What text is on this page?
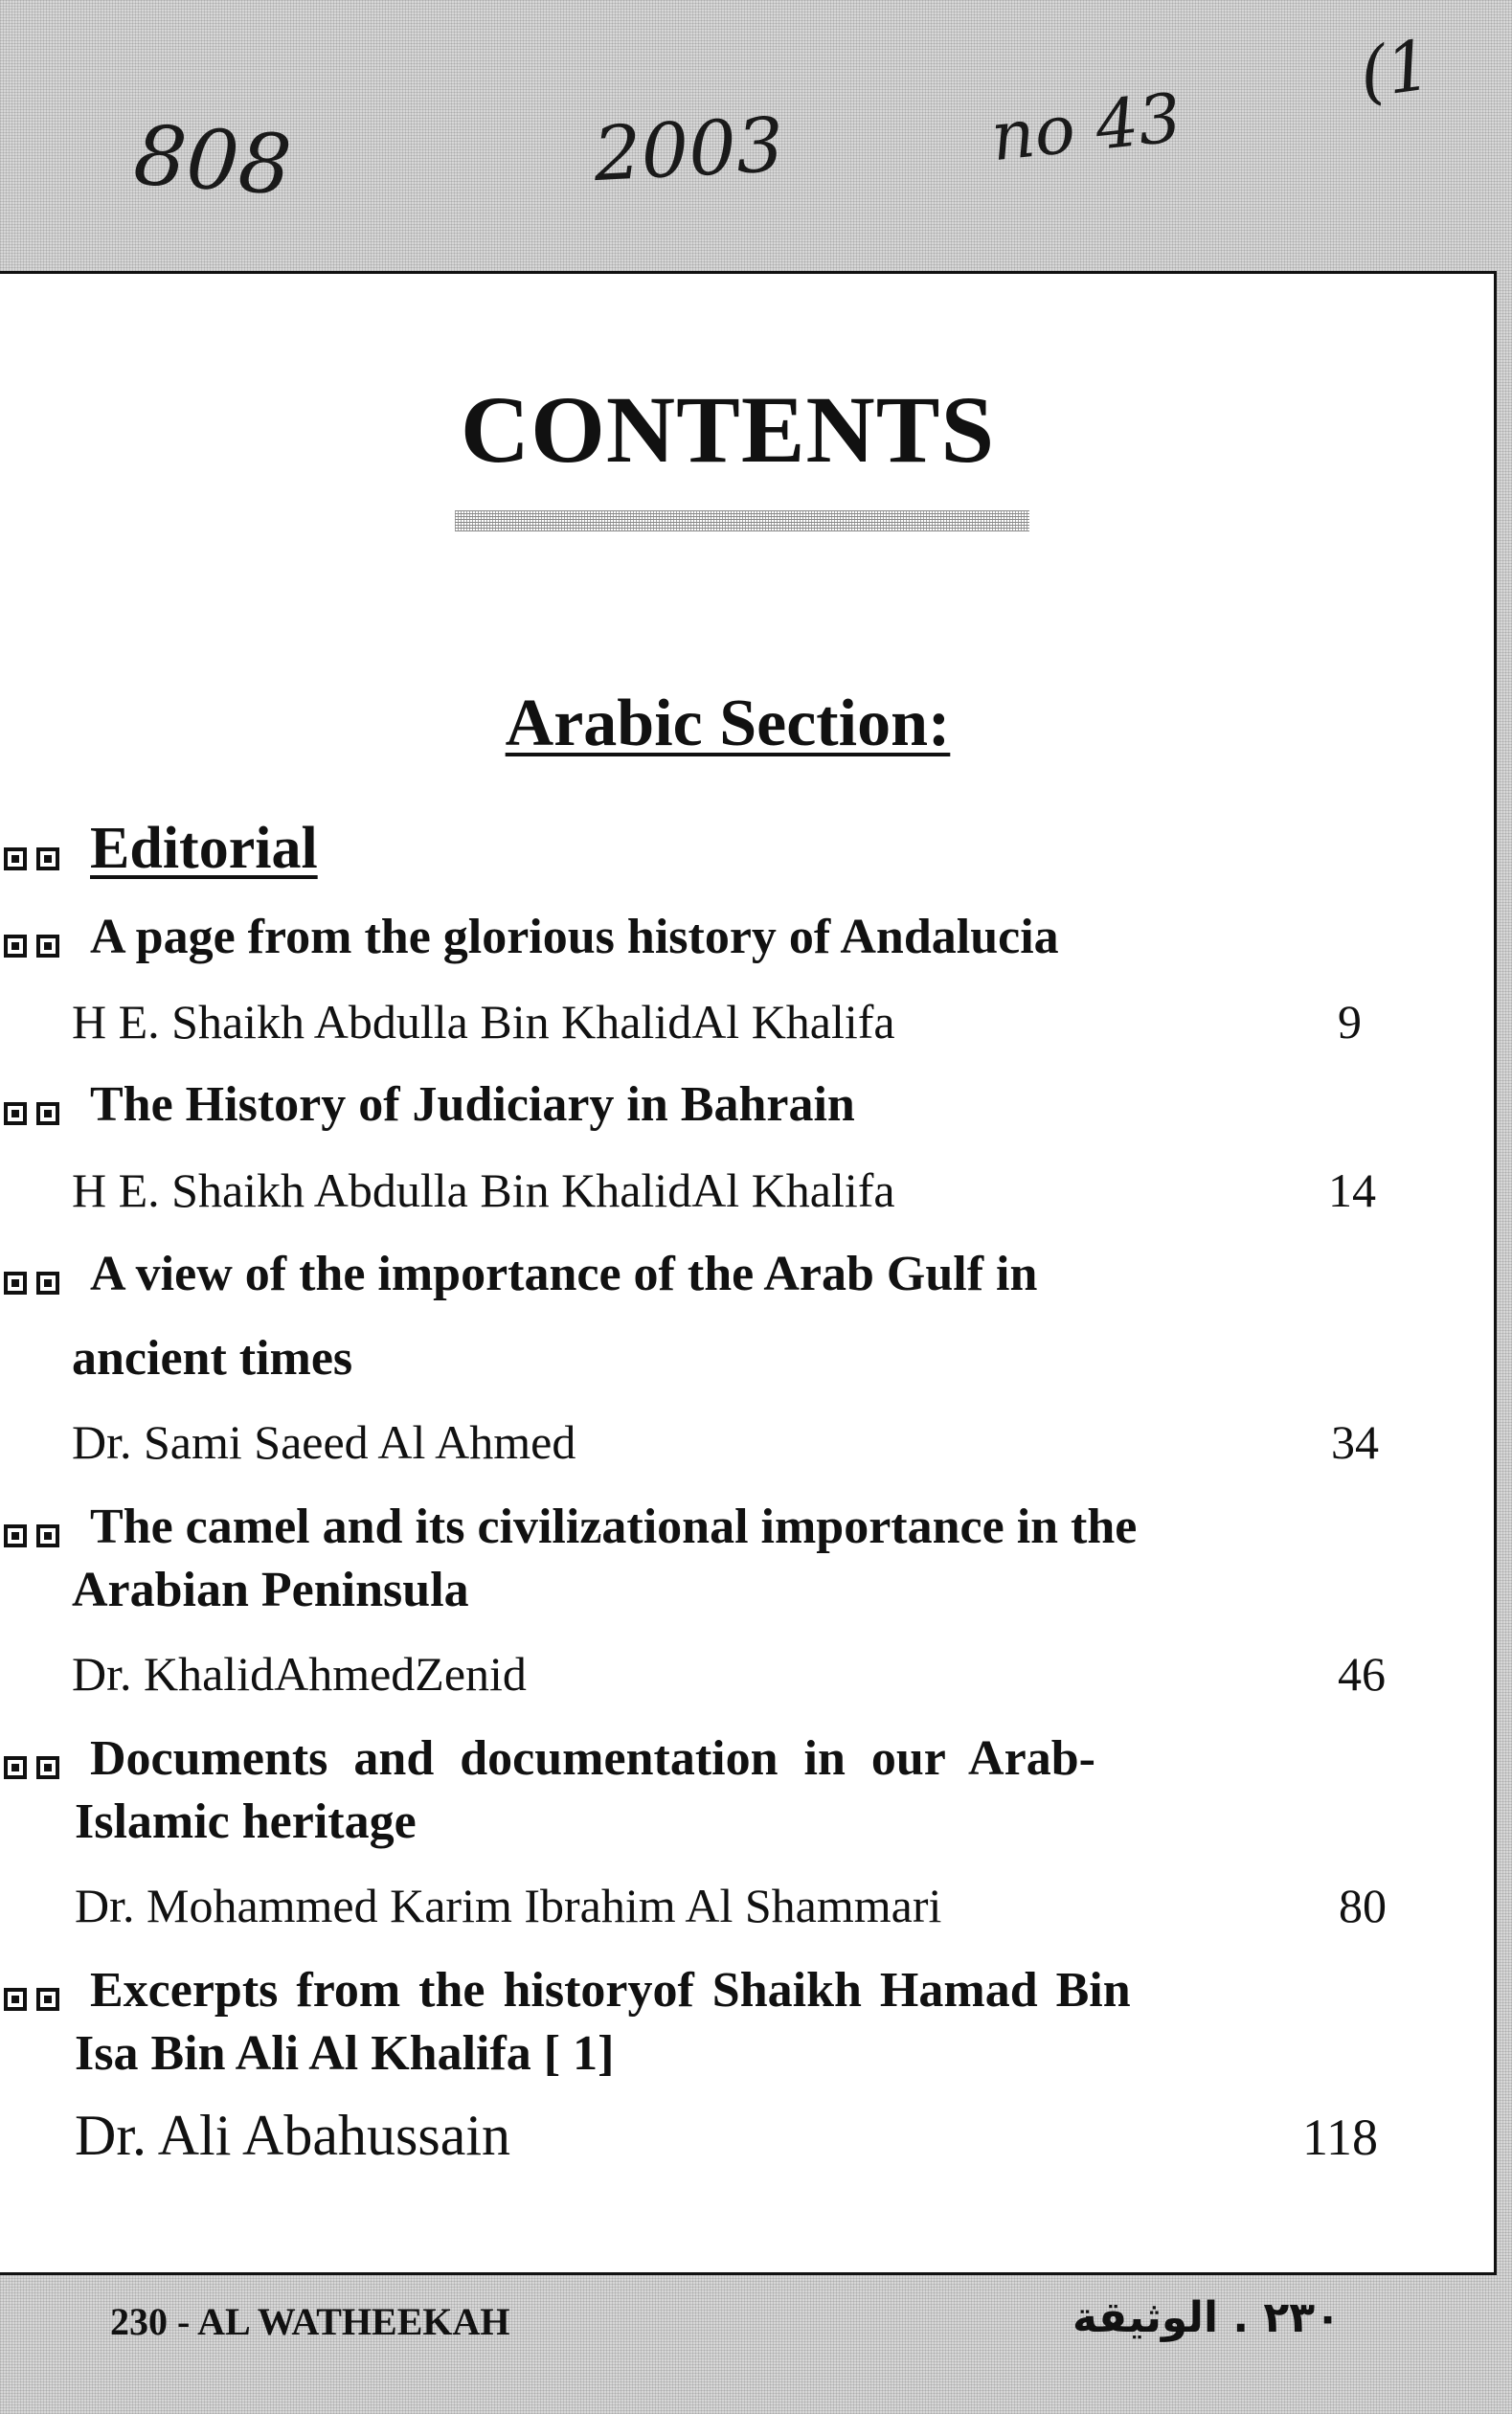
808	2003	no 43
(1
CONTENTS
Arabic Section:
Editorial
A page from the glorious history of Andalucia
H E. Shaikh Abdulla Bin KhalidAl Khalifa	9
The History of Judiciary in Bahrain
H E. Shaikh Abdulla Bin KhalidAl Khalifa	14
A view of the importance of the Arab Gulf in
ancient times
Dr. Sami Saeed Al Ahmed	34
The camel and its civilizational importance in the
Arabian Peninsula
Dr. KhalidAhmedZenid	46
Documents and documentation in our Arab-
Islamic heritage
Dr. Mohammed Karim Ibrahim Al Shammari	80
Excerpts from the historyof Shaikh Hamad Bin
Isa Bin Ali Al Khalifa [ 1]
Dr. Ali Abahussain	118
230 - AL WATHEEKAH	٢٣٠ . الوثيقة
